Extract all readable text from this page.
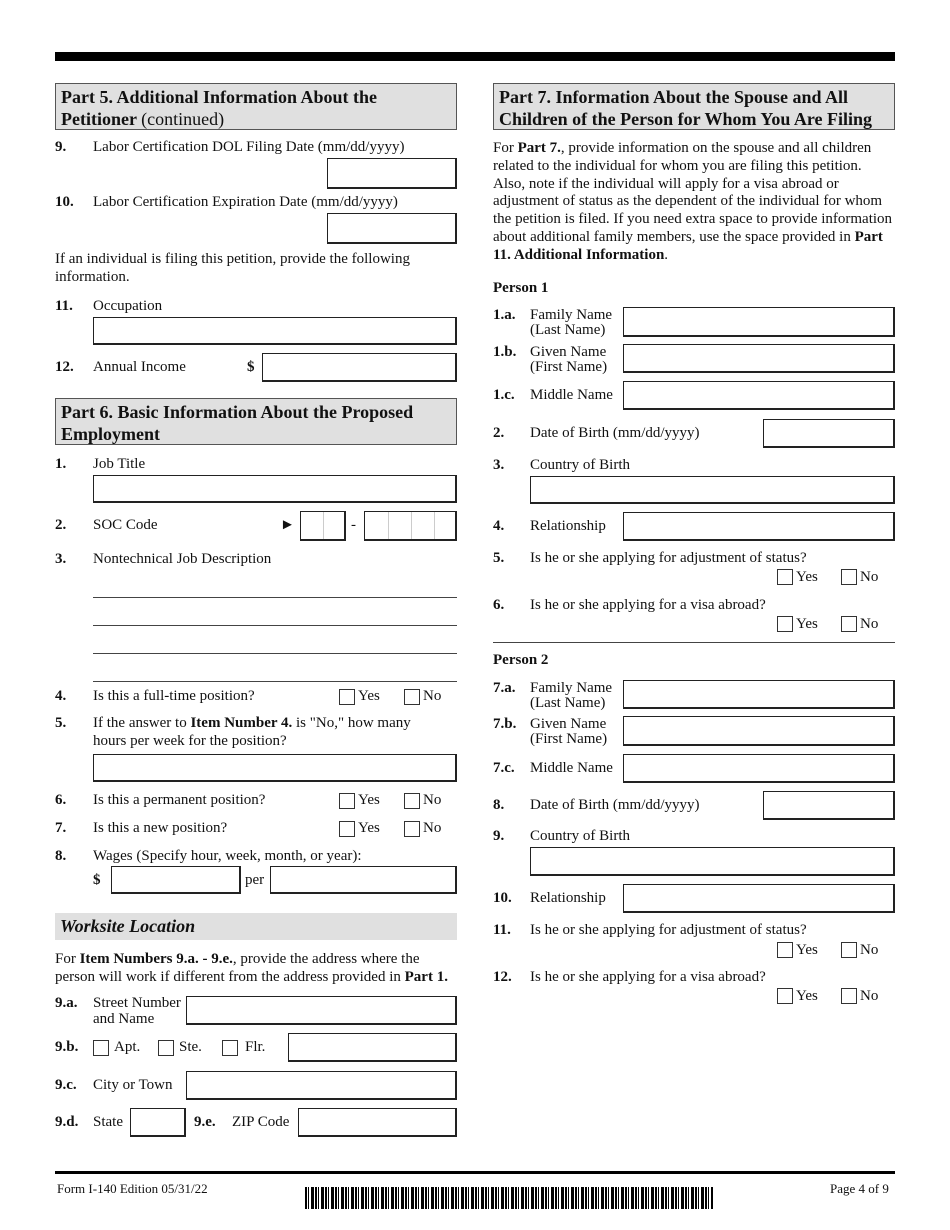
Part 5. Additional Information About the
Petitioner (continued)
9. Labor Certification DOL Filing Date (mm/dd/yyyy)
10. Labor Certification Expiration Date (mm/dd/yyyy)
If an individual is filing this petition, provide the following information.
11. Occupation
12. Annual Income	$
Part 6. Basic Information About the Proposed
Employment
1. Job Title
2. SOC Code	►	-
3. Nontechnical Job Description
4. Is this a full-time position?	Yes	No
5. If the answer to Item Number 4. is "No," how many
hours per week for the position?
6. Is this a permanent position?	Yes	No
7. Is this a new position?	Yes	No
8. Wages (Specify hour, week, month, or year):
$	per
Worksite Location
For Item Numbers 9.a. - 9.e., provide the address where the
person will work if different from the address provided in Part 1.
9.a. Street Number
and Name
9.b. Apt.	Ste.	Flr.
9.c. City or Town
9.d. State	9.e. ZIP Code
Part 7. Information About the Spouse and All
Children of the Person for Whom You Are Filing
For Part 7., provide information on the spouse and all children related to the individual for whom you are filing this petition. Also, note if the individual will apply for a visa abroad or adjustment of status as the dependent of the individual for whom the petition is filed. If you need extra space to provide information about additional family members, use the space provided in Part 11. Additional Information.
Person 1
1.a. Family Name
(Last Name)
1.b. Given Name
(First Name)
1.c. Middle Name
2. Date of Birth (mm/dd/yyyy)
3. Country of Birth
4. Relationship
5. Is he or she applying for adjustment of status?
Yes	No
6. Is he or she applying for a visa abroad?
Yes	No
Person 2
7.a. Family Name
(Last Name)
7.b. Given Name
(First Name)
7.c. Middle Name
8. Date of Birth (mm/dd/yyyy)
9. Country of Birth
10. Relationship
11. Is he or she applying for adjustment of status?
Yes	No
12. Is he or she applying for a visa abroad?
Yes	No
Form I-140 Edition 05/31/22	Page 4 of 9
